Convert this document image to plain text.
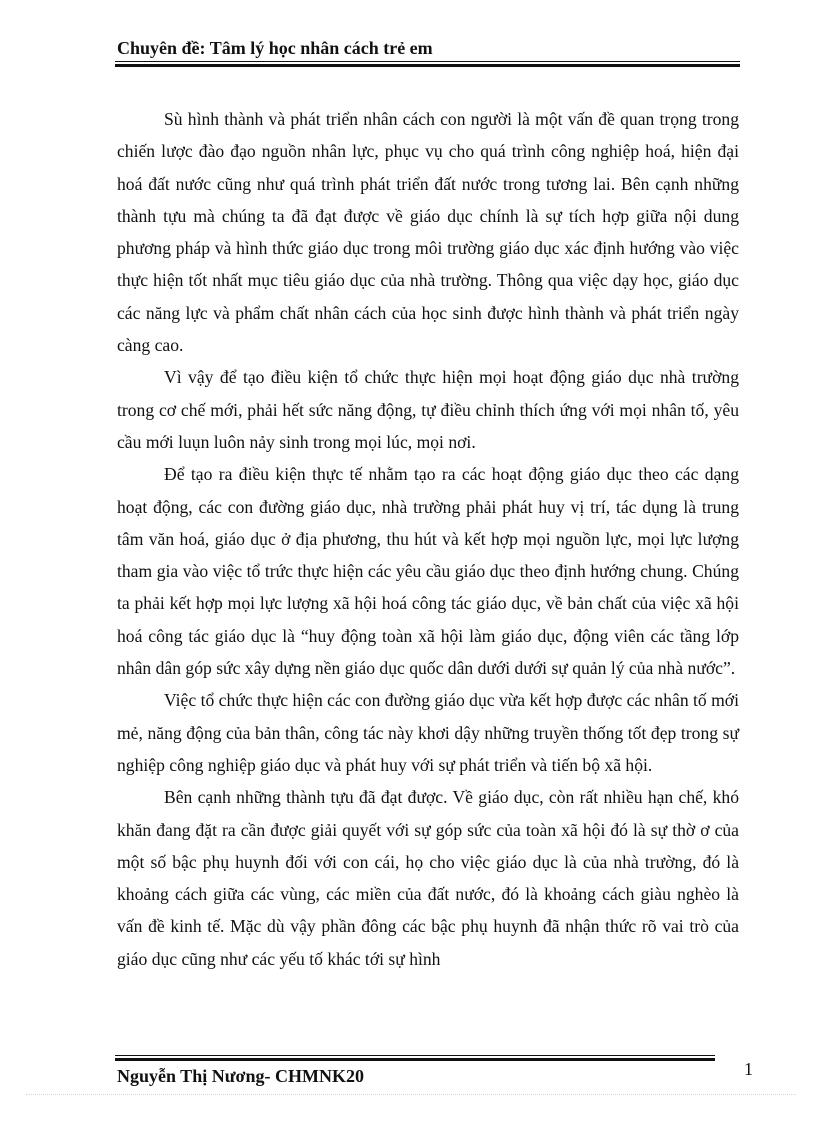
Chuyên đề: Tâm lý học nhân cách trẻ em

Sù hình thành và phát triển nhân cách con người là một vấn đề quan trọng trong chiến lược đào đạo nguồn nhân lực, phục vụ cho quá trình công nghiệp hoá, hiện đại hoá đất nước cũng như quá trình phát triển đất nước trong tương lai. Bên cạnh những thành tựu mà chúng ta đã đạt được về giáo dục chính là sự tích hợp giữa nội dung phương pháp và hình thức giáo dục trong môi trường giáo dục xác định hướng vào việc thực hiện tốt nhất mục tiêu giáo dục của nhà trường. Thông qua việc dạy học, giáo dục các năng lực và phẩm chất nhân cách của học sinh được hình thành và phát triển ngày càng cao.

Vì vậy để tạo điều kiện tổ chức thực hiện mọi hoạt động giáo dục nhà trường trong cơ chế mới, phải hết sức năng động, tự điều chỉnh thích ứng với mọi nhân tố, yêu cầu mới luụn luôn nảy sinh trong mọi lúc, mọi nơi.

Để tạo ra điều kiện thực tế nhằm tạo ra các hoạt động giáo dục theo các dạng hoạt động, các con đường giáo dục, nhà trường phải phát huy vị trí, tác dụng là trung tâm văn hoá, giáo dục ở địa phương, thu hút và kết hợp mọi nguồn lực, mọi lực lượng tham gia vào việc tổ trức thực hiện các yêu cầu giáo dục theo định hướng chung. Chúng ta phải kết hợp mọi lực lượng xã hội hoá công tác giáo dục, về bản chất của việc xã hội hoá công tác giáo dục là “huy động toàn xã hội làm giáo dục, động viên các tầng lớp nhân dân góp sức xây dựng nền giáo dục quốc dân dưới dưới sự quản lý của nhà nước”.

Việc tổ chức thực hiện các con đường giáo dục vừa kết hợp được các nhân tố mới mẻ, năng động của bản thân, công tác này khơi dậy những truyền thống tốt đẹp trong sự nghiệp công nghiệp giáo dục và phát huy với sự phát triển và tiến bộ xã hội.

Bên cạnh những thành tựu đã đạt được. Về giáo dục, còn rất nhiều hạn chế, khó khăn đang đặt ra cần được giải quyết với sự góp sức của toàn xã hội đó là sự thờ ơ của một số bậc phụ huynh đối với con cái, họ cho việc giáo dục là của nhà trường, đó là khoảng cách giữa các vùng, các miền của đất nước, đó là khoảng cách giàu nghèo là vấn đề kinh tế. Mặc dù vậy phần đông các bậc phụ huynh đã nhận thức rõ vai trò của giáo dục cũng như các yếu tố khác tới sự hình

Nguyễn Thị Nương- CHMNK20	1
